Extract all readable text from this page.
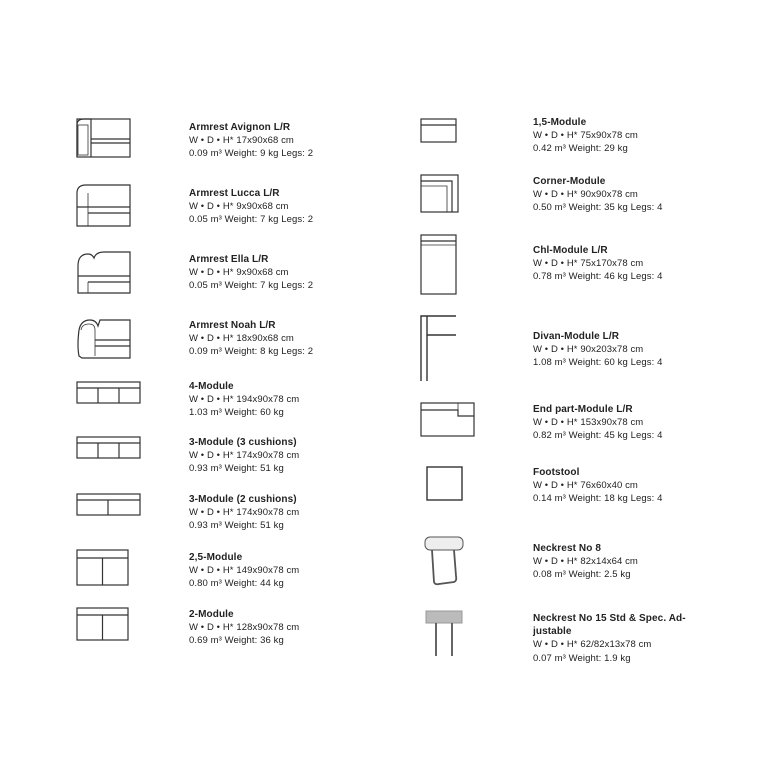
Armrest Avignon L/R
W • D • H* 17x90x68 cm
0.09 m³ Weight: 9 kg Legs: 2
Armrest Lucca L/R
W • D • H* 9x90x68 cm
0.05 m³ Weight: 7 kg Legs: 2
Armrest Ella L/R
W • D • H* 9x90x68 cm
0.05 m³ Weight: 7 kg Legs: 2
Armrest Noah L/R
W • D • H* 18x90x68 cm
0.09 m³ Weight: 8 kg Legs: 2
4-Module
W • D • H* 194x90x78 cm
1.03 m³ Weight: 60 kg
3-Module (3 cushions)
W • D • H* 174x90x78 cm
0.93 m³ Weight: 51 kg
3-Module (2 cushions)
W • D • H* 174x90x78 cm
0.93 m³ Weight: 51 kg
2,5-Module
W • D • H* 149x90x78 cm
0.80 m³ Weight: 44 kg
2-Module
W • D • H* 128x90x78 cm
0.69 m³ Weight: 36 kg
1,5-Module
W • D • H* 75x90x78 cm
0.42 m³ Weight: 29 kg
Corner-Module
W • D • H* 90x90x78 cm
0.50 m³ Weight: 35 kg Legs: 4
Chl-Module L/R
W • D • H* 75x170x78 cm
0.78 m³ Weight: 46 kg Legs: 4
Divan-Module L/R
W • D • H* 90x203x78 cm
1.08 m³ Weight: 60 kg Legs: 4
End part-Module L/R
W • D • H* 153x90x78 cm
0.82 m³ Weight: 45 kg Legs: 4
Footstool
W • D • H* 76x60x40 cm
0.14 m³ Weight: 18 kg Legs: 4
Neckrest No 8
W • D • H* 82x14x64 cm
0.08 m³ Weight: 2.5 kg
Neckrest No 15 Std & Spec. Ad-justable
W • D • H* 62/82x13x78 cm
0.07 m³ Weight: 1.9 kg
